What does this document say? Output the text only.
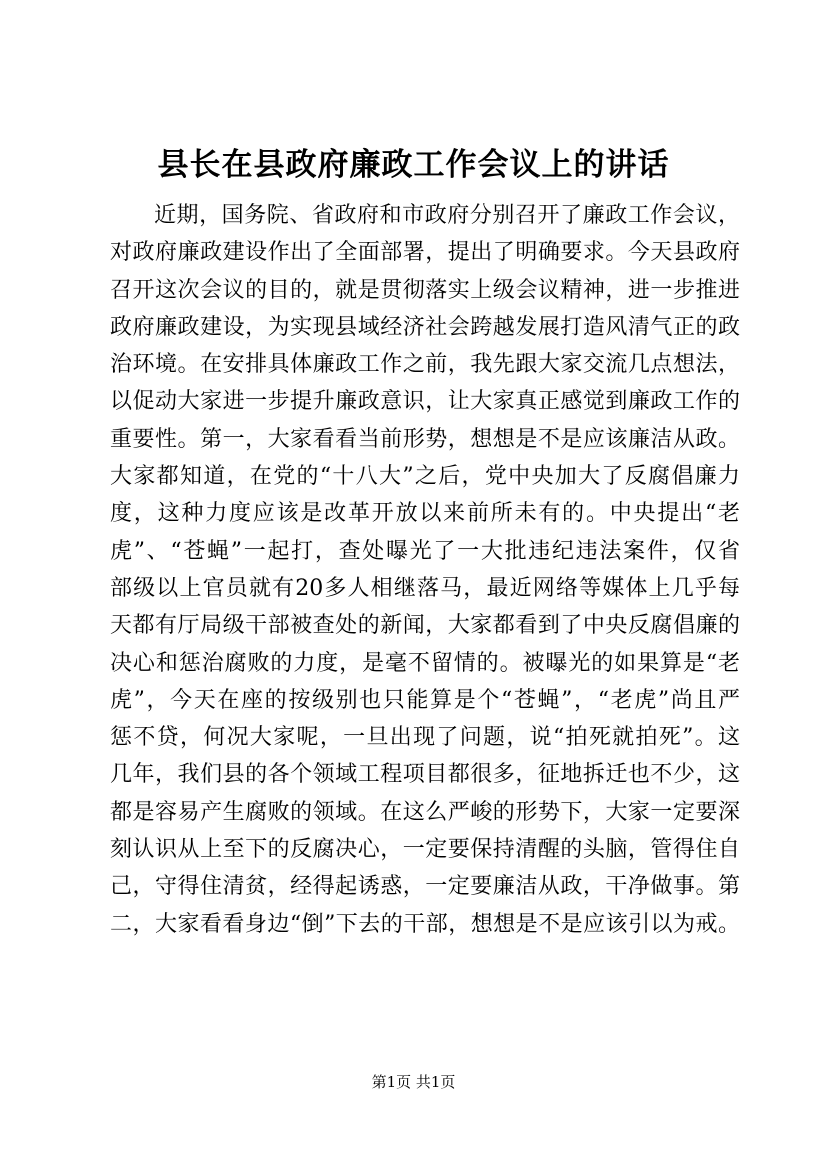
县长在县政府廉政工作会议上的讲话
近期，国务院、省政府和市政府分别召开了廉政工作会议，
对政府廉政建设作出了全面部署，提出了明确要求。今天县政府
召开这次会议的目的，就是贯彻落实上级会议精神，进一步推进
政府廉政建设，为实现县域经济社会跨越发展打造风清气正的政
治环境。在安排具体廉政工作之前，我先跟大家交流几点想法，
以促动大家进一步提升廉政意识，让大家真正感觉到廉政工作的
重要性。第一，大家看看当前形势，想想是不是应该廉洁从政。
大家都知道，在党的“十八大”之后，党中央加大了反腐倡廉力
度，这种力度应该是改革开放以来前所未有的。中央提出“老
虎”、“苍蝇”一起打，查处曝光了一大批违纪违法案件，仅省
部级以上官员就有20多人相继落马，最近网络等媒体上几乎每
天都有厅局级干部被查处的新闻，大家都看到了中央反腐倡廉的
决心和惩治腐败的力度，是毫不留情的。被曝光的如果算是“老
虎”，今天在座的按级别也只能算是个“苍蝇”，“老虎”尚且严
惩不贷，何况大家呢，一旦出现了问题，说“拍死就拍死”。这
几年，我们县的各个领域工程项目都很多，征地拆迁也不少，这
都是容易产生腐败的领域。在这么严峻的形势下，大家一定要深
刻认识从上至下的反腐决心，一定要保持清醒的头脑，管得住自
己，守得住清贫，经得起诱惑，一定要廉洁从政，干净做事。第
二，大家看看身边“倒”下去的干部，想想是不是应该引以为戒。
第1页 共1页
